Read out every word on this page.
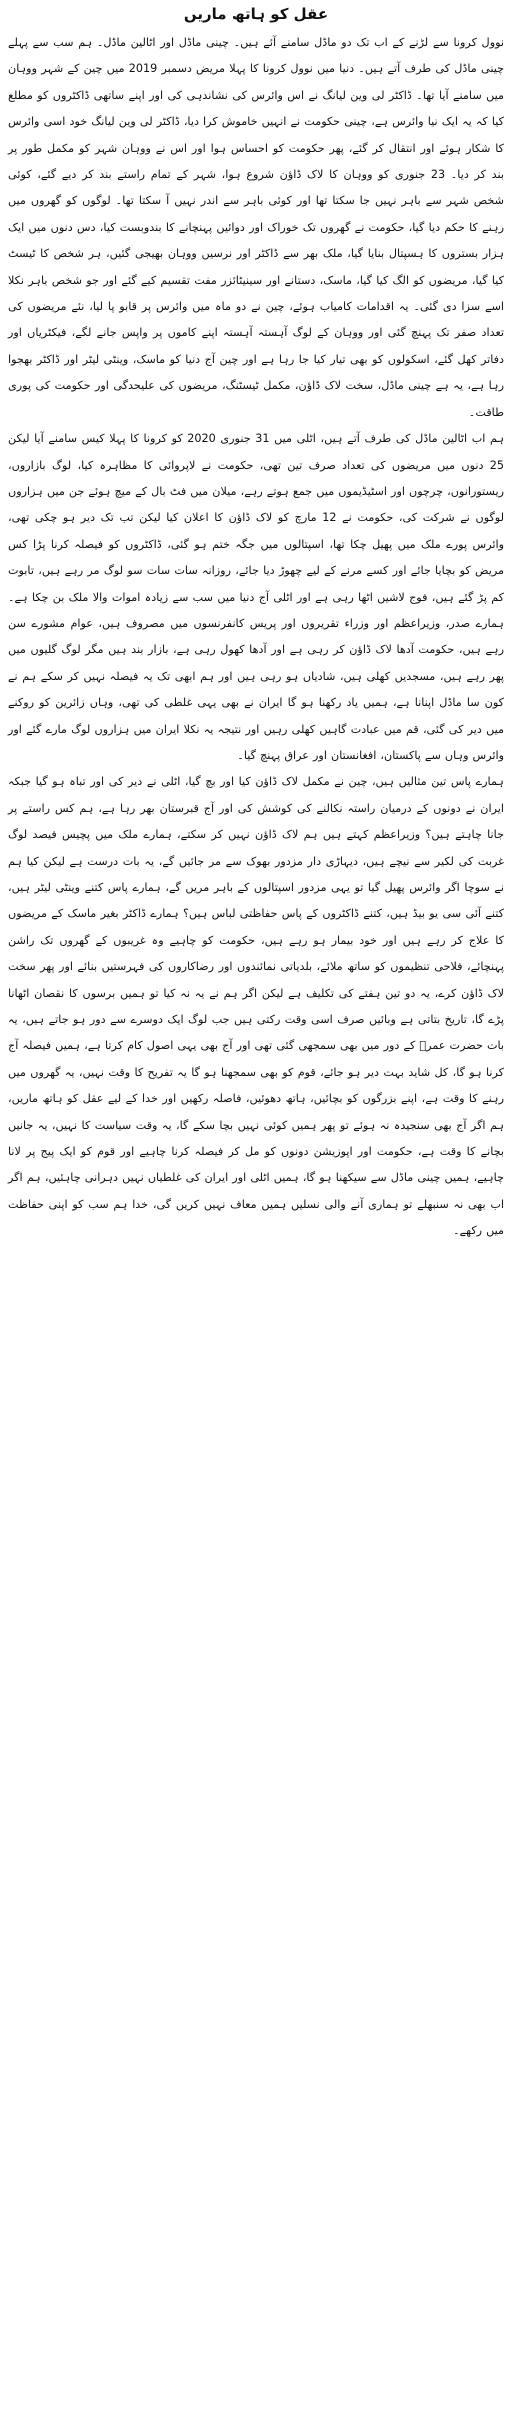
عقل کو ہاتھ ماریں

نوول کرونا سے لڑنے کے اب تک دو ماڈل سامنے آئے ہیں۔ چینی ماڈل اور اٹالین ماڈل۔ ہم سب سے پہلے چینی ماڈل کی طرف آتے ہیں۔ دنیا میں نوول کرونا کا پہلا مریض دسمبر 2019 میں چین کے شہر ووہان میں سامنے آیا تھا۔ ڈاکٹر لی وین لیانگ نے اس وائرس کی نشاندہی کی اور اپنے ساتھی ڈاکٹروں کو مطلع کیا کہ یہ ایک نیا وائرس ہے، چینی حکومت نے انہیں خاموش کرا دیا، ڈاکٹر لی وین لیانگ خود اسی وائرس کا شکار ہوئے اور انتقال کر گئے، پھر حکومت کو احساس ہوا اور اس نے ووہان شہر کو مکمل طور پر بند کر دیا۔ 23 جنوری کو ووہان کا لاک ڈاؤن شروع ہوا، شہر کے تمام راستے بند کر دیے گئے، کوئی شخص شہر سے باہر نہیں جا سکتا تھا اور کوئی باہر سے اندر نہیں آ سکتا تھا۔ لوگوں کو گھروں میں رہنے کا حکم دیا گیا، حکومت نے گھروں تک خوراک اور دوائیں پہنچانے کا بندوبست کیا، دس دنوں میں ایک ہزار بستروں کا ہسپتال بنایا گیا، ملک بھر سے ڈاکٹر اور نرسیں ووہان بھیجی گئیں، ہر شخص کا ٹیسٹ کیا گیا، مریضوں کو الگ کیا گیا، ماسک، دستانے اور سینیٹائزر مفت تقسیم کیے گئے اور جو شخص باہر نکلا اسے سزا دی گئی۔ یہ اقدامات کامیاب ہوئے، چین نے دو ماہ میں وائرس پر قابو پا لیا، نئے مریضوں کی تعداد صفر تک پہنچ گئی اور ووہان کے لوگ آہستہ آہستہ اپنے کاموں پر واپس جانے لگے، فیکٹریاں اور دفاتر کھل گئے، اسکولوں کو بھی تیار کیا جا رہا ہے اور چین آج دنیا کو ماسک، وینٹی لیٹر اور ڈاکٹر بھجوا رہا ہے، یہ ہے چینی ماڈل، سخت لاک ڈاؤن، مکمل ٹیسٹنگ، مریضوں کی علیحدگی اور حکومت کی پوری طاقت۔

ہم اب اٹالین ماڈل کی طرف آتے ہیں، اٹلی میں 31 جنوری 2020 کو کرونا کا پہلا کیس سامنے آیا لیکن 25 دنوں میں مریضوں کی تعداد صرف تین تھی، حکومت نے لاپروائی کا مظاہرہ کیا، لوگ بازاروں، ریستورانوں، چرچوں اور اسٹیڈیموں میں جمع ہوتے رہے، میلان میں فٹ بال کے میچ ہوئے جن میں ہزاروں لوگوں نے شرکت کی، حکومت نے 12 مارچ کو لاک ڈاؤن کا اعلان کیا لیکن تب تک دیر ہو چکی تھی، وائرس پورے ملک میں پھیل چکا تھا، اسپتالوں میں جگہ ختم ہو گئی، ڈاکٹروں کو فیصلہ کرنا پڑا کس مریض کو بچایا جائے اور کسے مرنے کے لیے چھوڑ دیا جائے، روزانہ سات سات سو لوگ مر رہے ہیں، تابوت کم پڑ گئے ہیں، فوج لاشیں اٹھا رہی ہے اور اٹلی آج دنیا میں سب سے زیادہ اموات والا ملک بن چکا ہے۔ ہمارے صدر، وزیراعظم اور وزراء تقریروں اور پریس کانفرنسوں میں مصروف ہیں، عوام مشورے سن رہے ہیں، حکومت آدھا لاک ڈاؤن کر رہی ہے اور آدھا کھول رہی ہے، بازار بند ہیں مگر لوگ گلیوں میں پھر رہے ہیں، مسجدیں کھلی ہیں، شادیاں ہو رہی ہیں اور ہم ابھی تک یہ فیصلہ نہیں کر سکے ہم نے کون سا ماڈل اپنانا ہے، ہمیں یاد رکھنا ہو گا ایران نے بھی یہی غلطی کی تھی، وہاں زائرین کو روکنے میں دیر کی گئی، قم میں عبادت گاہیں کھلی رہیں اور نتیجہ یہ نکلا ایران میں ہزاروں لوگ مارے گئے اور وائرس وہاں سے پاکستان، افغانستان اور عراق پہنچ گیا۔

ہمارے پاس تین مثالیں ہیں، چین نے مکمل لاک ڈاؤن کیا اور بچ گیا، اٹلی نے دیر کی اور تباہ ہو گیا جبکہ ایران نے دونوں کے درمیان راستہ نکالنے کی کوشش کی اور آج قبرستان بھر رہا ہے، ہم کس راستے پر جانا چاہتے ہیں؟ وزیراعظم کہتے ہیں ہم لاک ڈاؤن نہیں کر سکتے، ہمارے ملک میں پچیس فیصد لوگ غربت کی لکیر سے نیچے ہیں، دیہاڑی دار مزدور بھوک سے مر جائیں گے، یہ بات درست ہے لیکن کیا ہم نے سوچا اگر وائرس پھیل گیا تو یہی مزدور اسپتالوں کے باہر مریں گے، ہمارے پاس کتنے وینٹی لیٹر ہیں، کتنے آئی سی یو بیڈ ہیں، کتنے ڈاکٹروں کے پاس حفاظتی لباس ہیں؟ ہمارے ڈاکٹر بغیر ماسک کے مریضوں کا علاج کر رہے ہیں اور خود بیمار ہو رہے ہیں، حکومت کو چاہیے وہ غریبوں کے گھروں تک راشن پہنچائے، فلاحی تنظیموں کو ساتھ ملائے، بلدیاتی نمائندوں اور رضاکاروں کی فہرستیں بنائے اور پھر سخت لاک ڈاؤن کرے، یہ دو تین ہفتے کی تکلیف ہے لیکن اگر ہم نے یہ نہ کیا تو ہمیں برسوں کا نقصان اٹھانا پڑے گا، تاریخ بتاتی ہے وبائیں صرف اسی وقت رکتی ہیں جب لوگ ایک دوسرے سے دور ہو جاتے ہیں، یہ بات حضرت عمرؓ کے دور میں بھی سمجھی گئی تھی اور آج بھی یہی اصول کام کرتا ہے، ہمیں فیصلہ آج کرنا ہو گا، کل شاید بہت دیر ہو جائے، قوم کو بھی سمجھنا ہو گا یہ تفریح کا وقت نہیں، یہ گھروں میں رہنے کا وقت ہے، اپنے بزرگوں کو بچائیں، ہاتھ دھوئیں، فاصلہ رکھیں اور خدا کے لیے عقل کو ہاتھ ماریں، ہم اگر آج بھی سنجیدہ نہ ہوئے تو پھر ہمیں کوئی نہیں بچا سکے گا، یہ وقت سیاست کا نہیں، یہ جانیں بچانے کا وقت ہے، حکومت اور اپوزیشن دونوں کو مل کر فیصلہ کرنا چاہیے اور قوم کو ایک پیج پر لانا چاہیے، ہمیں چینی ماڈل سے سیکھنا ہو گا، ہمیں اٹلی اور ایران کی غلطیاں نہیں دہرانی چاہئیں، ہم اگر اب بھی نہ سنبھلے تو ہماری آنے والی نسلیں ہمیں معاف نہیں کریں گی، خدا ہم سب کو اپنی حفاظت میں رکھے۔
